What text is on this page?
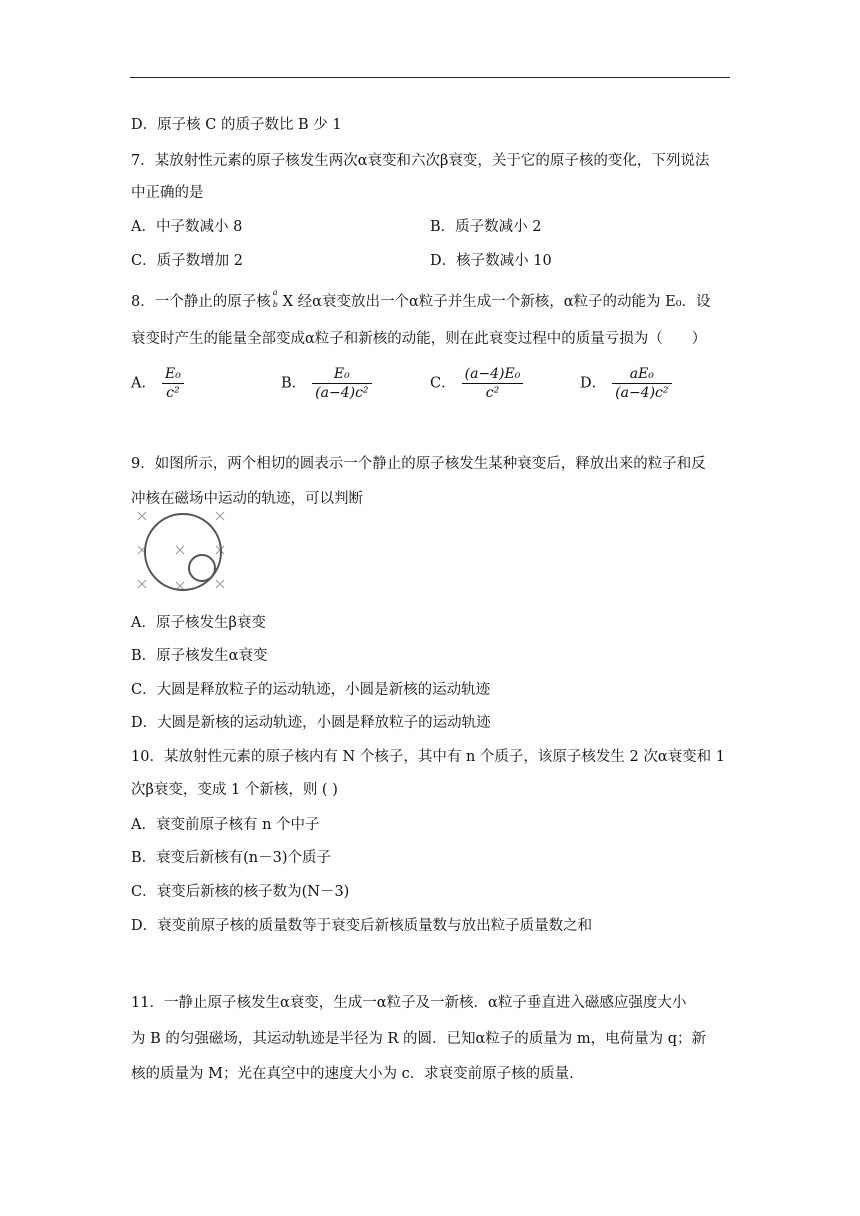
D．原子核 C 的质子数比 B 少 1
7．某放射性元素的原子核发生两次α衰变和六次β衰变，关于它的原子核的变化，下列说法
中正确的是
A．中子数减小 8	B．质子数减小 2
C．质子数增加 2	D．核子数减小 10
8．一个静止的原子核
a
b X 经α衰变放出一个α粒子并生成一个新核，α粒子的动能为 E₀．设
衰变时产生的能量全部变成α粒子和新核的动能，则在此衰变过程中的质量亏损为（　　）
A． $\frac{\text{E₀}}{\text{c²}}$	B． $\frac{\text{E₀}}{\text{(a−4)c²}}$	C． $\frac{\text{(a−4)E₀}}{\text{c²}}$	D． $\frac{\text{aE₀}}{\text{(a−4)c²}}$
9．如图所示，两个相切的圆表示一个静止的原子核发生某种衰变后，释放出来的粒子和反
冲核在磁场中运动的轨迹，可以判断
A．原子核发生β衰变
B．原子核发生α衰变
C．大圆是释放粒子的运动轨迹，小圆是新核的运动轨迹
D．大圆是新核的运动轨迹，小圆是释放粒子的运动轨迹
10．某放射性元素的原子核内有 N 个核子，其中有 n 个质子，该原子核发生 2 次α衰变和 1
次β衰变，变成 1 个新核，则 ( )
A．衰变前原子核有 n 个中子
B．衰变后新核有(n－3)个质子
C．衰变后新核的核子数为(N－3)
D．衰变前原子核的质量数等于衰变后新核质量数与放出粒子质量数之和
11．一静止原子核发生α衰变，生成一α粒子及一新核．α粒子垂直进入磁感应强度大小
为 B 的匀强磁场，其运动轨迹是半径为 R 的圆．已知α粒子的质量为 m，电荷量为 q；新
核的质量为 M；光在真空中的速度大小为 c．求衰变前原子核的质量．
